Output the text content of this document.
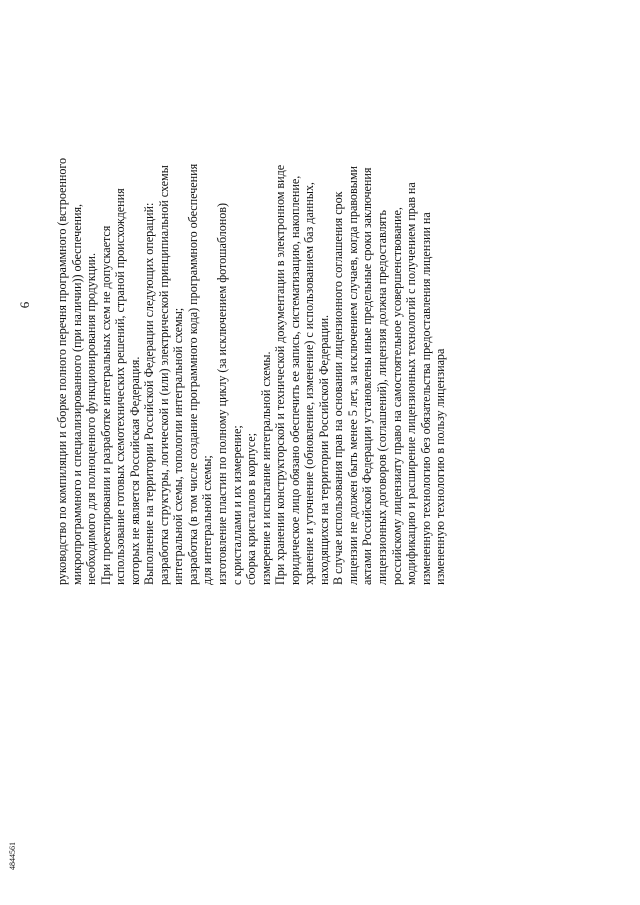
6 руководство по компиляции и сборке полного перечня программного (встроенного микропрограммного и специализированного (при наличии)) обеспечения, необходимого для полноценного функционирования продукции. При проектировании и разработке интегральных схем не допускается использование готовых схемотехнических решений, страной происхождения которых не является Российская Федерация. Выполнение на территории Российской Федерации следующих операций: разработка структуры, логической и (или) электрической принципиальной схемы интегральной схемы, топологии интегральной схемы; разработка (в том числе создание программного кода) программного обеспечения для интегральной схемы; изготовление пластин по полному циклу (за исключением фотошаблонов) с кристаллами и их измерение; сборка кристаллов в корпусе; измерение и испытание интегральной схемы. При хранении конструкторской и технической документации в электронном виде юридическое лицо обязано обеспечить ее запись, систематизацию, накопление, хранение и уточнение (обновление, изменение) с использованием баз данных, находящихся на территории Российской Федерации. В случае использования прав на основании лицензионного соглашения срок лицензии не должен быть менее 5 лет, за исключением случаев, когда правовыми актами Российской Федерации установлены иные предельные сроки заключения лицензионных договоров (соглашений), лицензия должна предоставлять российскому лицензиату право на самостоятельное усовершенствование, модификацию и расширение лицензионных технологий с получением прав на измененную технологию без обязательства предоставления лицензии на измененную технологию в пользу лицензиара
4844561
